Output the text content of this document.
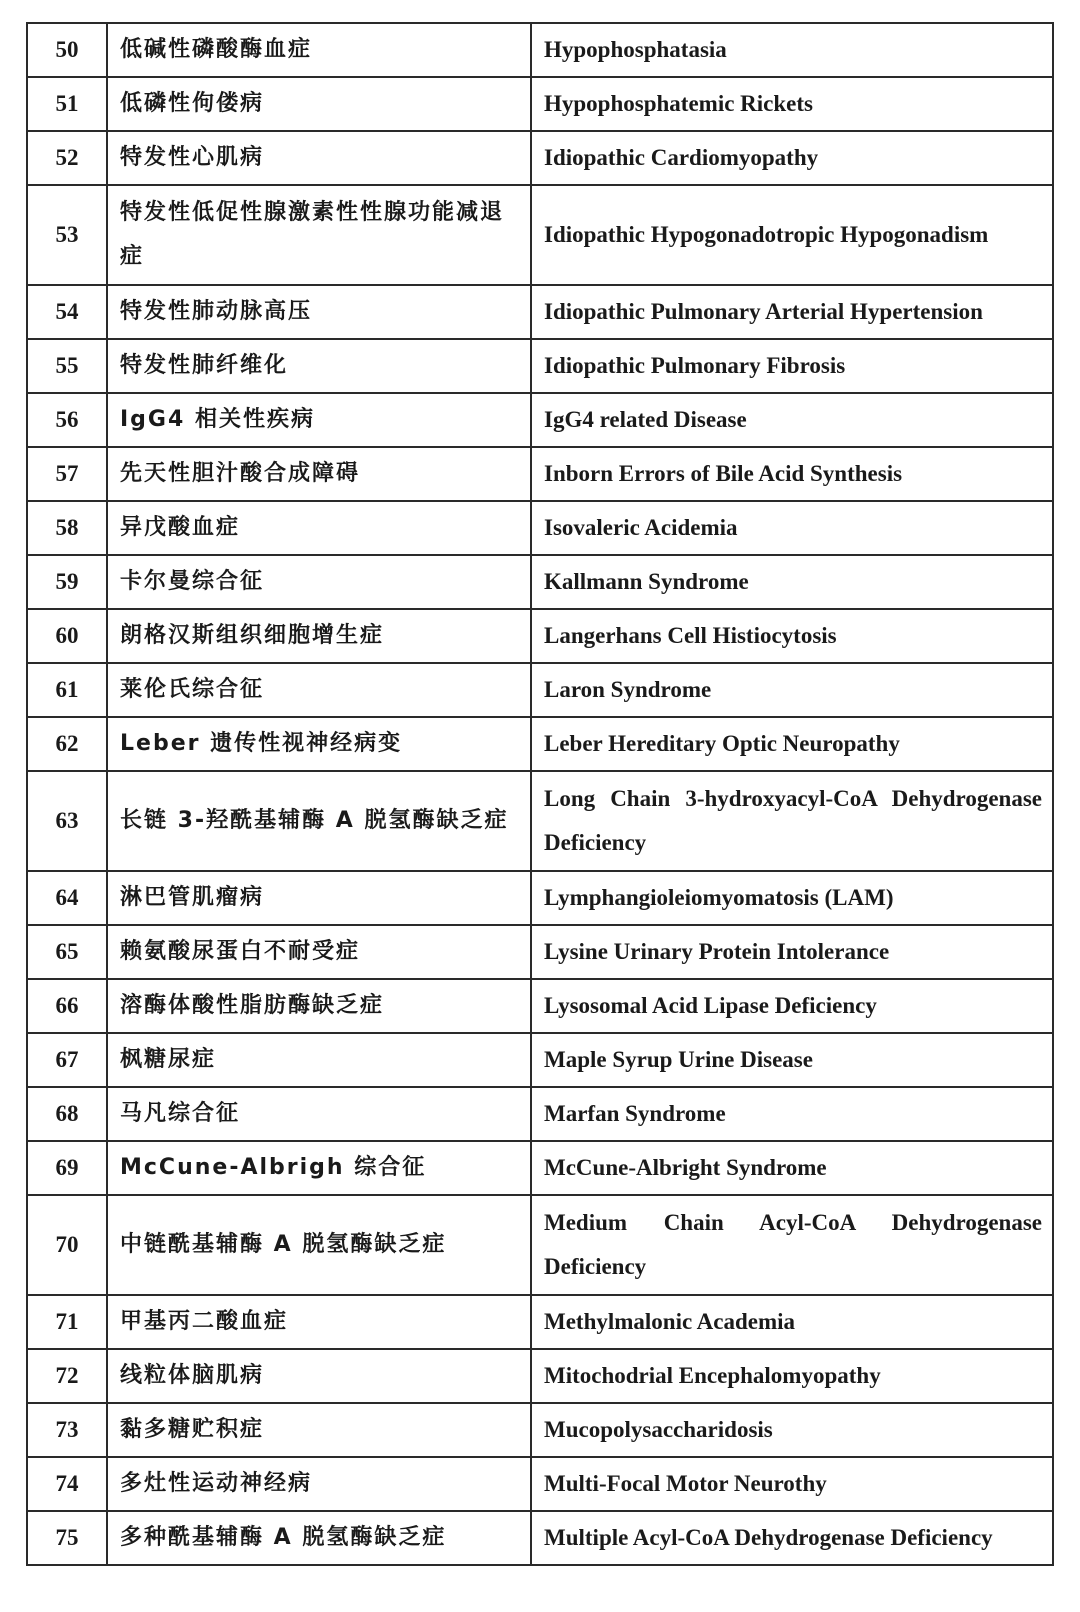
50	低碱性磷酸酶血症	Hypophosphatasia
51	低磷性佝偻病	Hypophosphatemic Rickets
52	特发性心肌病	Idiopathic Cardiomyopathy
53	特发性低促性腺激素性性腺功能减退症	Idiopathic Hypogonadotropic Hypogonadism
54	特发性肺动脉高压	Idiopathic Pulmonary Arterial Hypertension
55	特发性肺纤维化	Idiopathic Pulmonary Fibrosis
56	IgG4 相关性疾病	IgG4 related Disease
57	先天性胆汁酸合成障碍	Inborn Errors of Bile Acid Synthesis
58	异戊酸血症	Isovaleric Acidemia
59	卡尔曼综合征	Kallmann Syndrome
60	朗格汉斯组织细胞增生症	Langerhans Cell Histiocytosis
61	莱伦氏综合征	Laron Syndrome
62	Leber 遗传性视神经病变	Leber Hereditary Optic Neuropathy
63	长链 3-羟酰基辅酶 A 脱氢酶缺乏症	Long Chain 3-hydroxyacyl-CoA Dehydrogenase Deficiency
64	淋巴管肌瘤病	Lymphangioleiomyomatosis (LAM)
65	赖氨酸尿蛋白不耐受症	Lysine Urinary Protein Intolerance
66	溶酶体酸性脂肪酶缺乏症	Lysosomal Acid Lipase Deficiency
67	枫糖尿症	Maple Syrup Urine Disease
68	马凡综合征	Marfan Syndrome
69	McCune-Albrigh 综合征	McCune-Albright Syndrome
70	中链酰基辅酶 A 脱氢酶缺乏症	Medium Chain Acyl-CoA Dehydrogenase Deficiency
71	甲基丙二酸血症	Methylmalonic Academia
72	线粒体脑肌病	Mitochodrial Encephalomyopathy
73	黏多糖贮积症	Mucopolysaccharidosis
74	多灶性运动神经病	Multi-Focal Motor Neurothy
75	多种酰基辅酶 A 脱氢酶缺乏症	Multiple Acyl-CoA Dehydrogenase Deficiency
